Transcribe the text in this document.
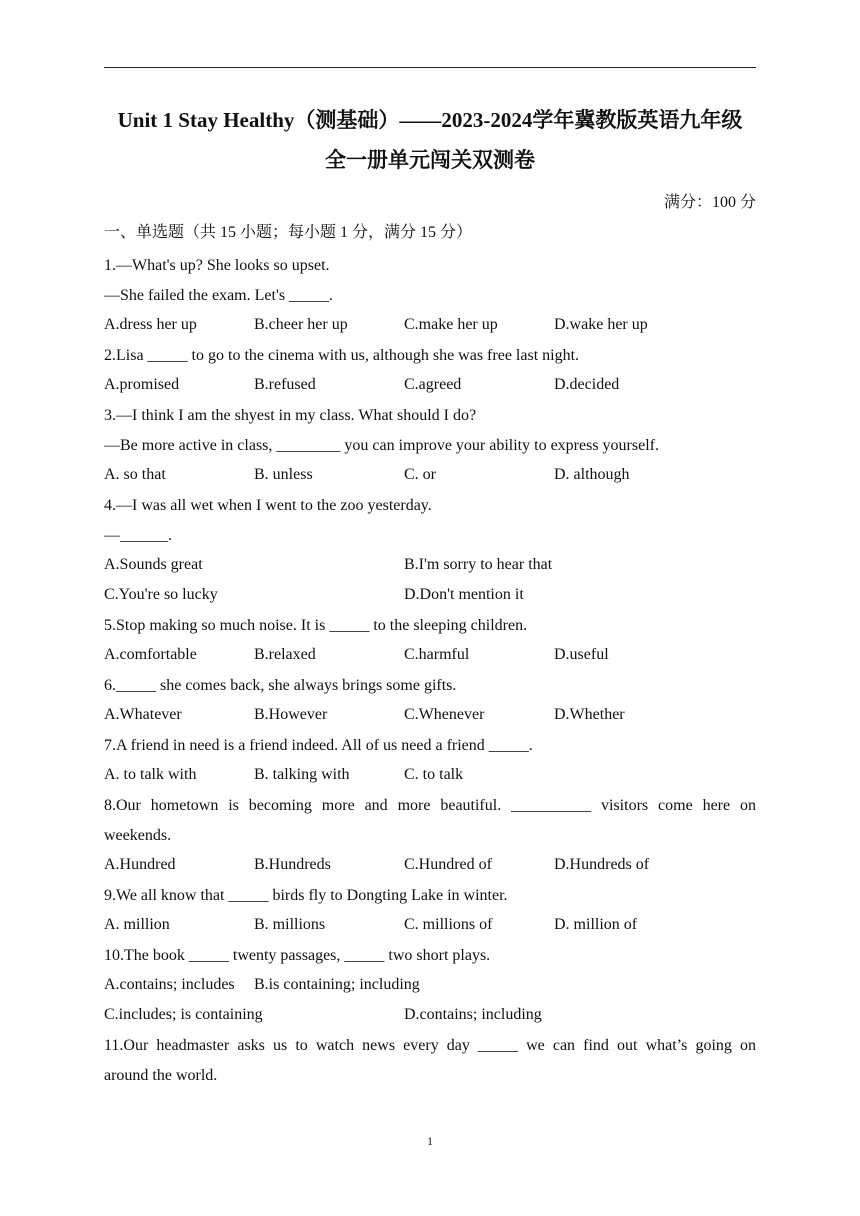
Unit 1 Stay Healthy（测基础）——2023-2024学年冀教版英语九年级
全一册单元闯关双测卷
满分：100 分
一、单选题（共 15 小题；每小题 1 分，满分 15 分）
1.—What's up? She looks so upset.
—She failed the exam. Let's _____.
A.dress her up	B.cheer her up	C.make her up	D.wake her up
2.Lisa _____ to go to the cinema with us, although she was free last night.
A.promised	B.refused	C.agreed	D.decided
3.—I think I am the shyest in my class. What should I do?
—Be more active in class, ________ you can improve your ability to express yourself.
A. so that	B. unless	C. or	D. although
4.—I was all wet when I went to the zoo yesterday.
—______.
A.Sounds great	B.I'm sorry to hear that
C.You're so lucky	D.Don't mention it
5.Stop making so much noise. It is _____ to the sleeping children.
A.comfortable	B.relaxed	C.harmful	D.useful
6._____ she comes back, she always brings some gifts.
A.Whatever	B.However	C.Whenever	D.Whether
7.A friend in need is a friend indeed. All of us need a friend _____.
A. to talk with	B. talking with	C. to talk
8.Our hometown is becoming more and more beautiful. __________ visitors come here on
weekends.
A.Hundred	B.Hundreds	C.Hundred of	D.Hundreds of
9.We all know that _____ birds fly to Dongting Lake in winter.
A. million	B. millions	C. millions of	D. million of
10.The book _____ twenty passages, _____ two short plays.
A.contains; includes B.is containing; including
C.includes; is containing	D.contains; including
11.Our headmaster asks us to watch news every day _____ we can find out what’s going on
around the world.
1
